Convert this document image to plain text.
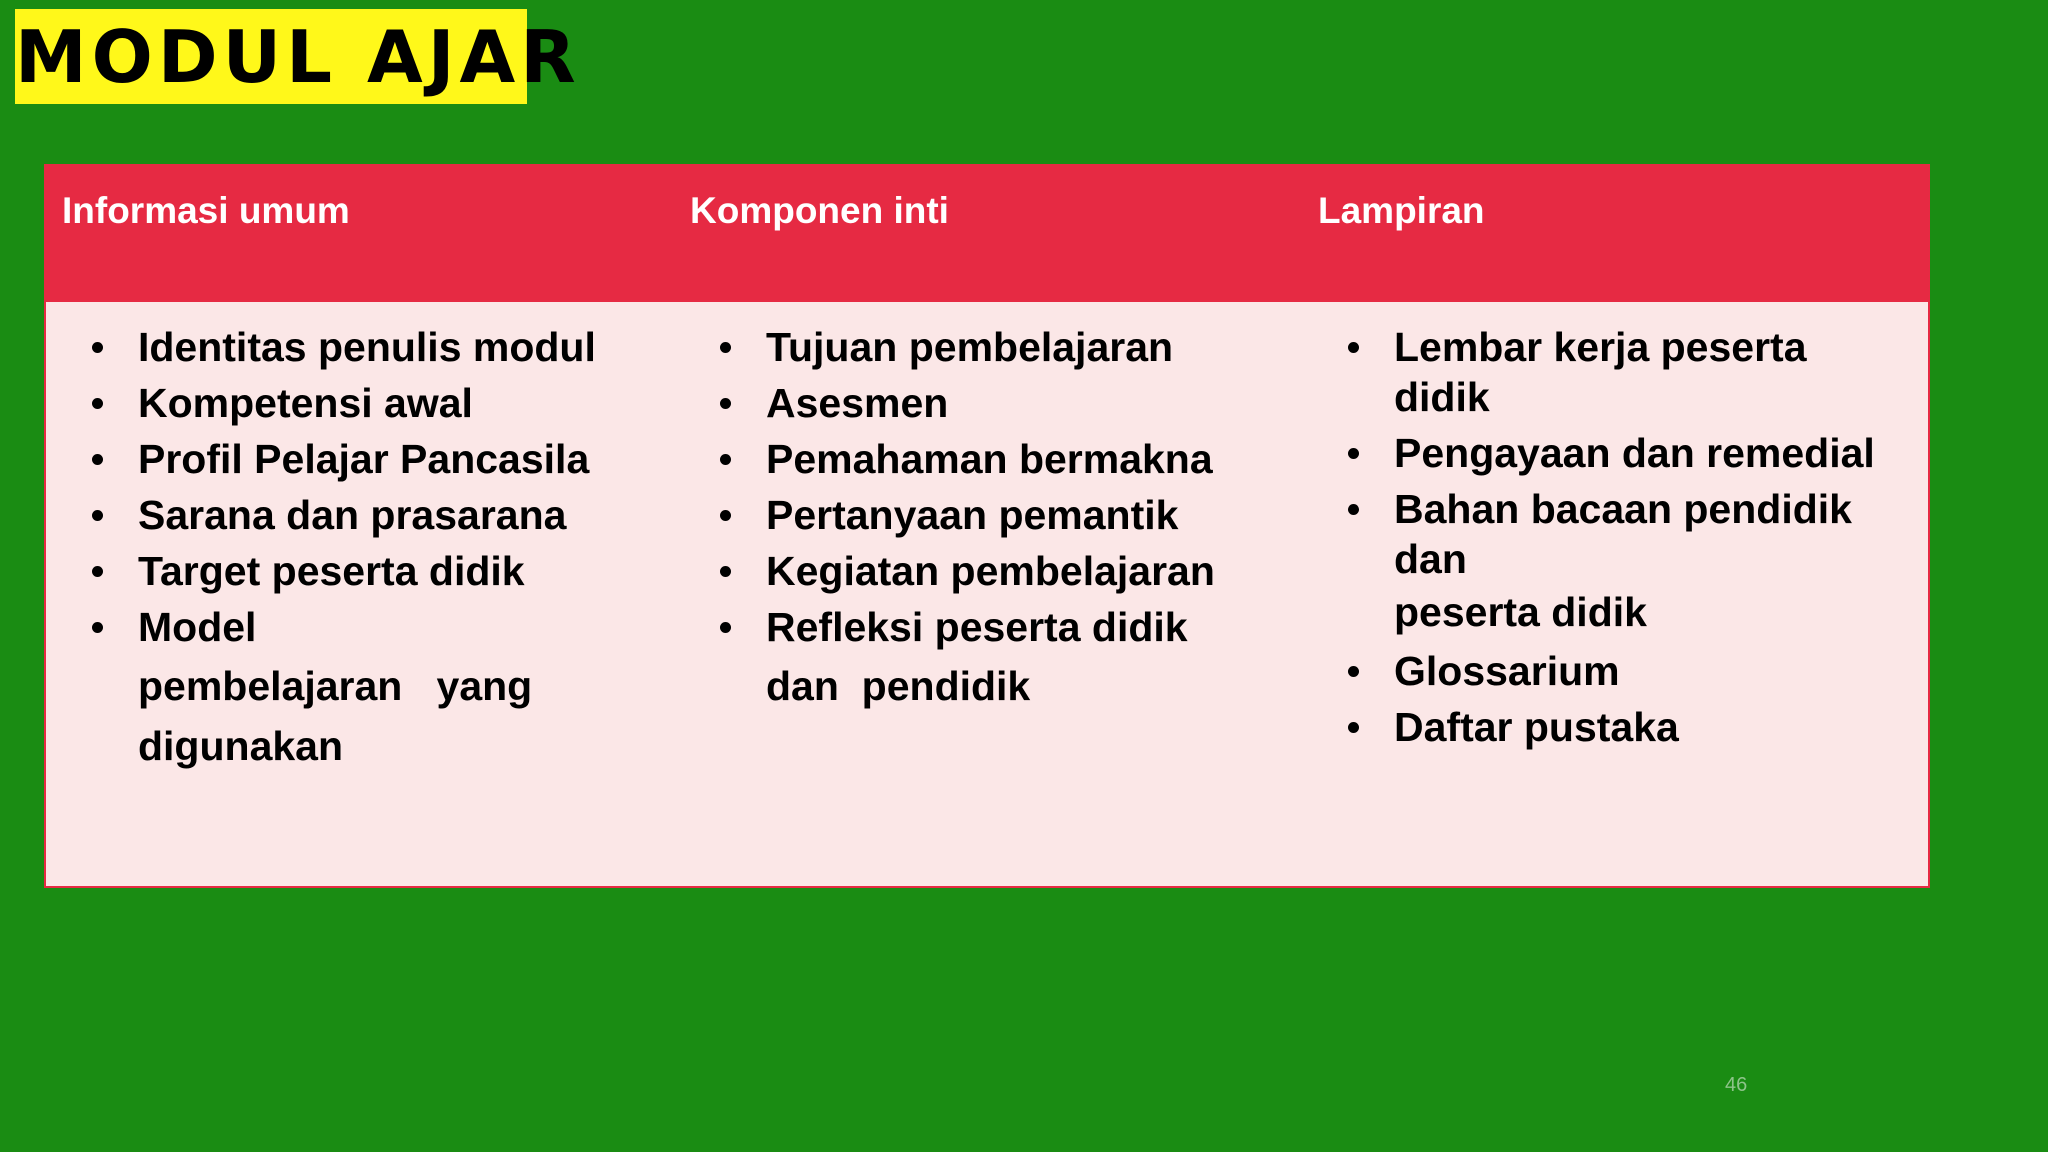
MODUL AJAR
Informasi umum	Komponen inti	Lampiran
Identitas penulis modul
Kompetensi awal
Profil Pelajar Pancasila
Sarana dan prasarana
Target peserta didik
Model
pembelajaran   yang
digunakan
Tujuan pembelajaran
Asesmen
Pemahaman bermakna
Pertanyaan pemantik
Kegiatan pembelajaran
Refleksi peserta didik
dan  pendidik
Lembar kerja peserta
didik
Pengayaan dan remedial
Bahan bacaan pendidik
dan
peserta didik
Glossarium
Daftar pustaka
46
